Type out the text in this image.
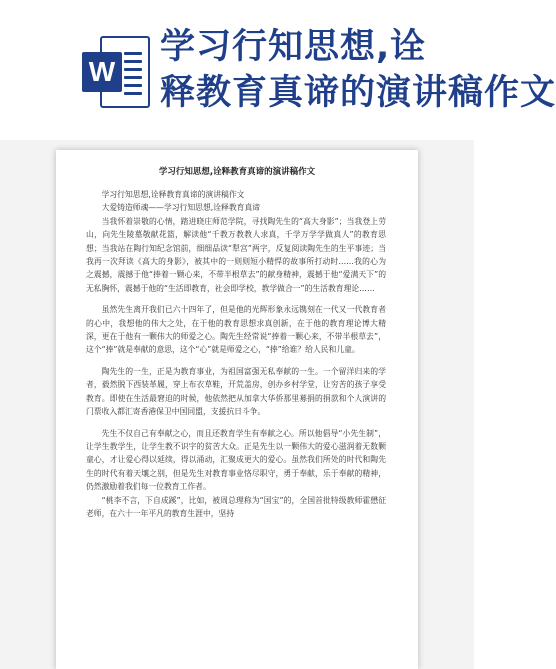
W
学习行知思想,诠
释教育真谛的演讲稿作文
学习行知思想,诠释教育真谛的演讲稿作文

学习行知思想,诠释教育真谛的演讲稿作文

大爱铸造师魂——学习行知思想,诠释教育真谛

当我怀着崇敬的心情，踏进晓庄师范学院，寻找陶先生的“高大身影”；当我登上劳山，向先生陵墓敬献花篮，解读他“千教万教教人求真，千学万学学做真人”的教育思想；当我站在陶行知纪念馆前，细细品读“犁宫”两字，反复阅读陶先生的生平事迹；当我再一次拜读《高大的身影》，被其中的一则则短小精悍的故事所打动时……我的心为之震撼，震撼于他“捧着一颗心来，不带半根草去”的献身精神，震撼于他“爱满天下”的无私胸怀，震撼于他的“生活即教育，社会即学校，教学做合一”的生活教育理论……

虽然先生离开我们已六十四年了，但是他的光辉形象永远镌刻在一代又一代教育者的心中，我想他的伟大之处，在于他的教育思想求真创新，在于他的教育理论博大精深，更在于他有一颗伟大的师爱之心。陶先生经常说“捧着一颗心来，不带半根草去”，这个“捧”就是奉献的意思，这个“心”就是师爱之心，“捧”给谁？给人民和儿童。

陶先生的一生，正是为教育事业，为祖国富强无私奉献的一生。一个留洋归来的学者，毅然脱下西装革履，穿上布衣草鞋，开荒盖房，创办乡村学堂，让穷苦的孩子享受教育。即使在生活最窘迫的时候，他依然把从加拿大华侨那里募捐的捐款和个人演讲的门票收入都汇寄香港保卫中国同盟，支援抗日斗争。

先生不仅自己有奉献之心，而且还教育学生有奉献之心。所以他倡导“小先生制”，让学生教学生，让学生教不识字的贫苦大众。正是先生以一颗伟大的爱心滋润着无数颗童心，才让爱心得以延续，得以涌动，汇聚成更大的爱心。虽然我们所处的时代和陶先生的时代有着天壤之别，但是先生对教育事业恪尽职守，勇于奉献，乐于奉献的精神，仍然激励着我们每一位教育工作者。

“桃李不言，下自成蹊”，比如，被周总理称为“国宝”的，全国首批特级教师霍懋征老师，在六十一年平凡的教育生涯中，坚持
